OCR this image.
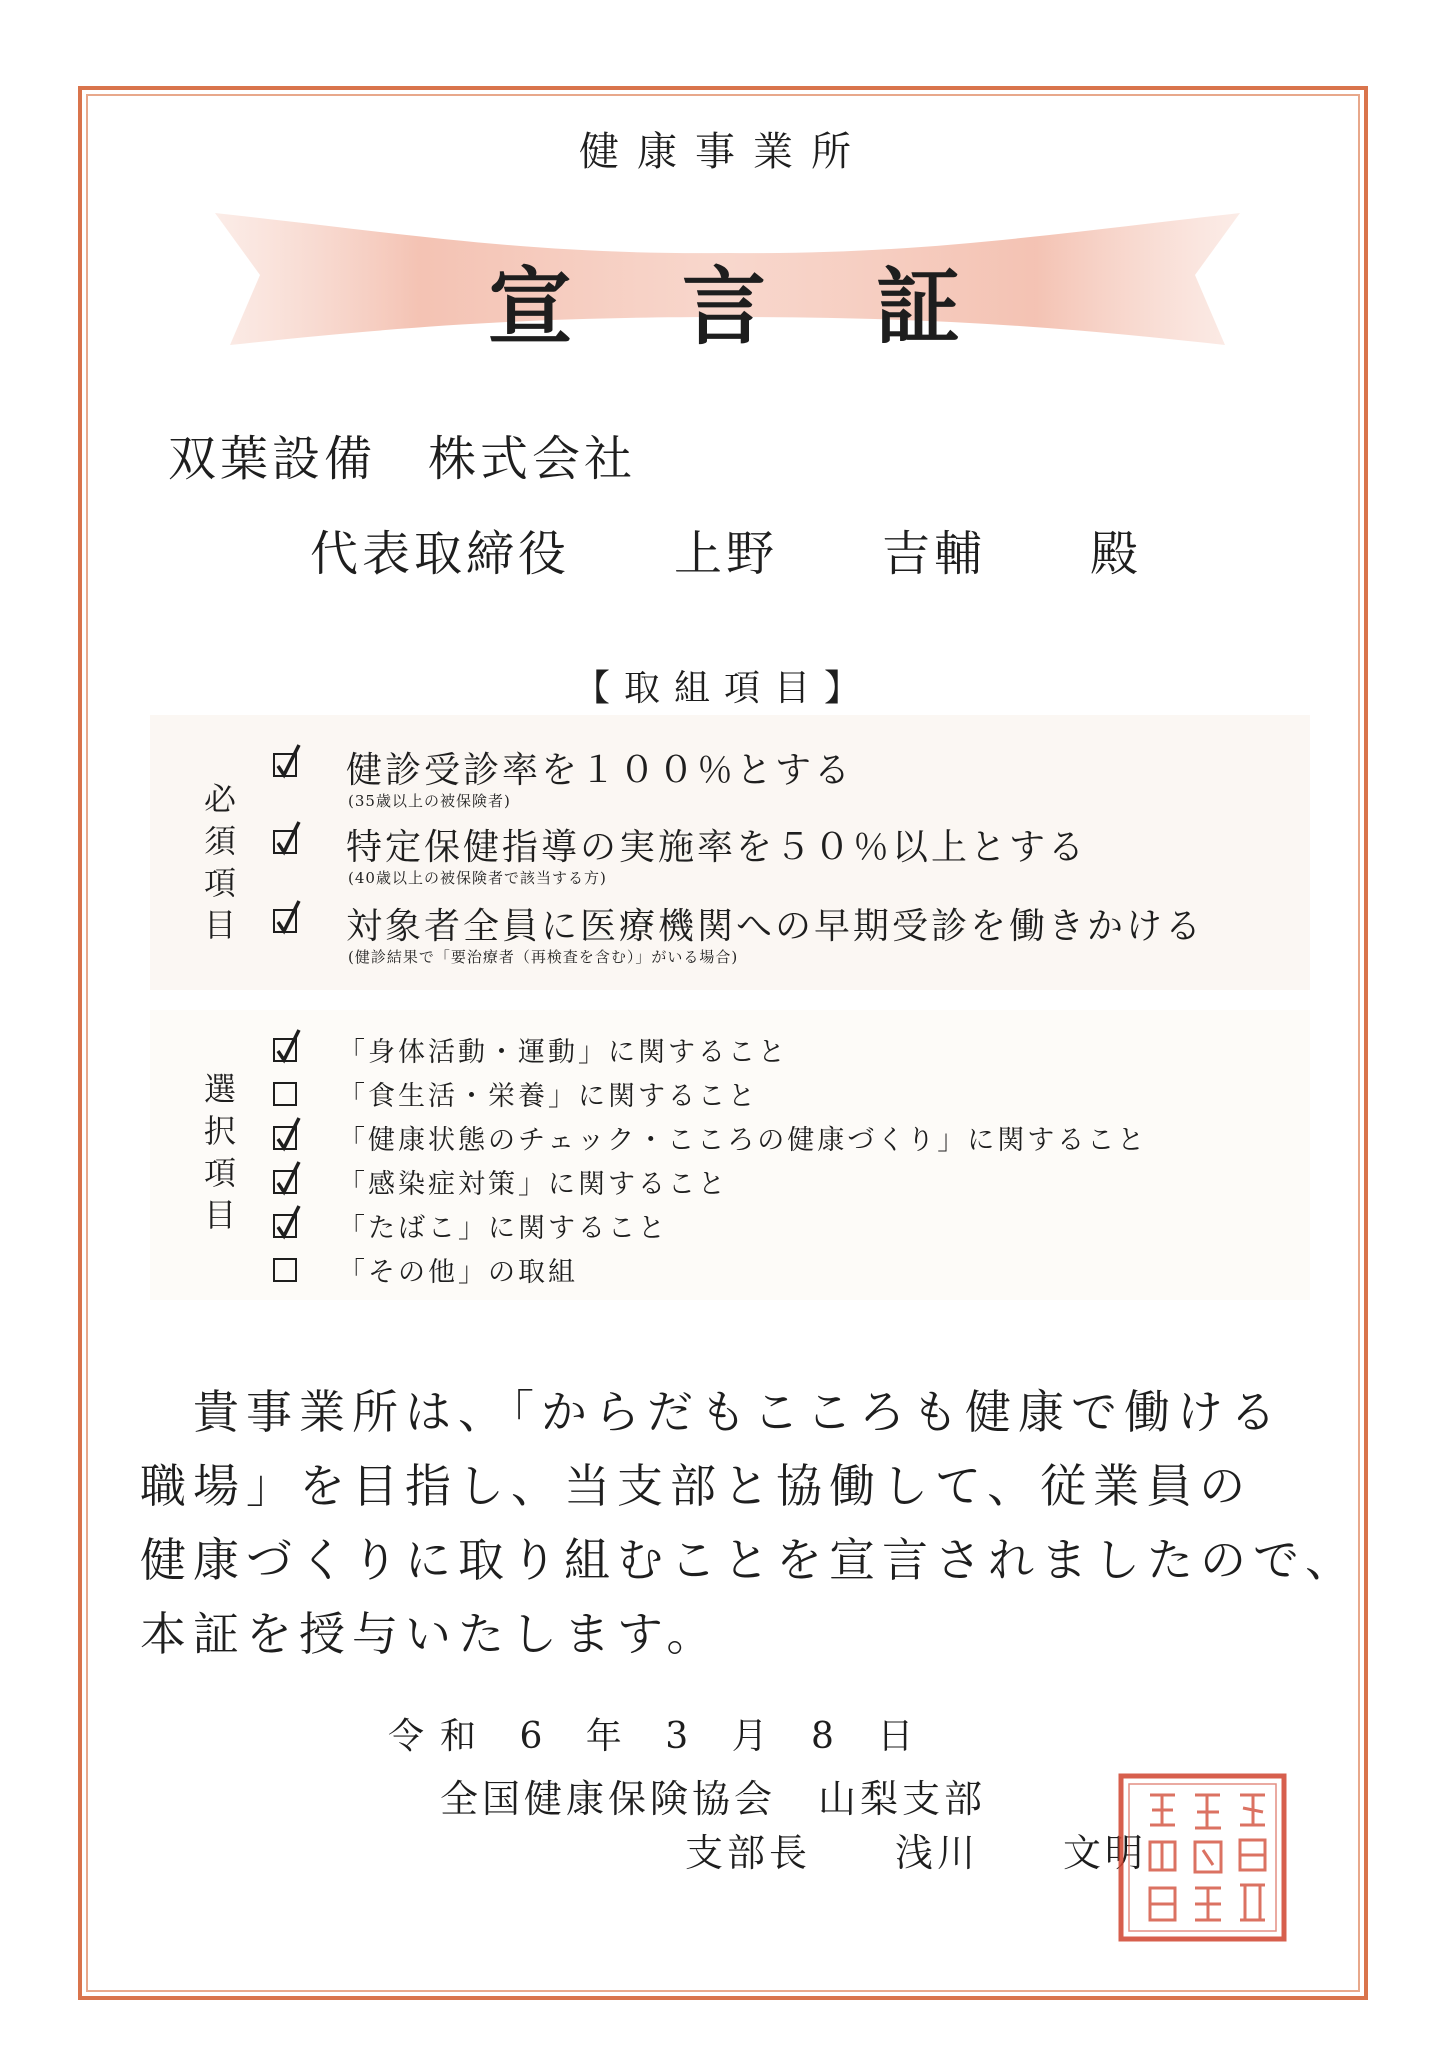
健康事業所
宣言証
双葉設備　株式会社
代表取締役　　上野　　吉輔　　殿
【取組項目】
必
須
項
目
健診受診率を１００％とする
(35歳以上の被保険者)
特定保健指導の実施率を５０％以上とする
(40歳以上の被保険者で該当する方)
対象者全員に医療機関への早期受診を働きかける
(健診結果で「要治療者（再検査を含む）」がいる場合)
選
択
項
目
「身体活動・運動」に関すること
「食生活・栄養」に関すること
「健康状態のチェック・こころの健康づくり」に関すること
「感染症対策」に関すること
「たばこ」に関すること
「その他」の取組
　貴事業所は、「からだもこころも健康で働ける
職場」を目指し、当支部と協働して、従業員の
健康づくりに取り組むことを宣言されましたので、
本証を授与いたします。
令和 6 年 3 月 8 日
全国健康保険協会　山梨支部
支部長　　浅川　　文明
